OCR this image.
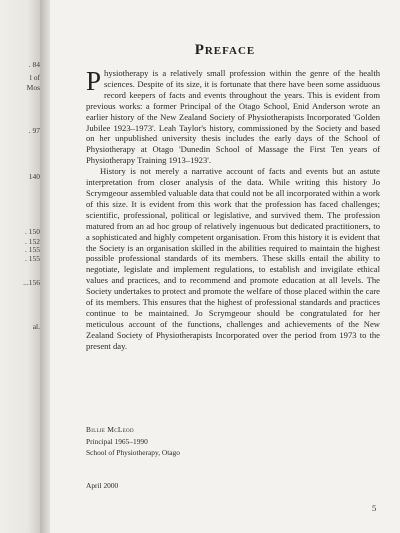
. 84
l of
Mos
. 97
140
. 150
. 152
. 155
. 155
...156
al.
Preface

Physiotherapy is a relatively small profession within the genre of the health sciences. Despite of its size, it is fortunate that there have been some assiduous record keepers of facts and events throughout the years. This is evident from previous works: a former Principal of the Otago School, Enid Anderson wrote an earlier history of the New Zealand Society of Physiotherapists Incorporated 'Golden Jubilee 1923–1973'. Leah Taylor's history, commissioned by the Society and based on her unpublished university thesis includes the early days of the School of Physiotherapy at Otago 'Dunedin School of Massage the First Ten years of Physiotherapy Training 1913–1923'.

History is not merely a narrative account of facts and events but an astute interpretation from closer analysis of the data. While writing this history Jo Scrymgeour assembled valuable data that could not be all incorporated within a work of this size. It is evident from this work that the profession has faced challenges; scientific, professional, political or legislative, and survived them. The profession matured from an ad hoc group of relatively ingenuous but dedicated practitioners, to a sophisticated and highly competent organisation. From this history it is evident that the Society is an organisation skilled in the abilities required to maintain the highest possible professional standards of its members. These skills entail the ability to negotiate, legislate and implement regulations, to establish and invigilate ethical values and practices, and to recommend and promote education at all levels. The Society undertakes to protect and promote the welfare of those placed within the care of its members. This ensures that the highest of professional standards and practices continue to be maintained. Jo Scrymgeour should be congratulated for her meticulous account of the functions, challenges and achievements of the New Zealand Society of Physiotherapists Incorporated over the period from 1973 to the present day.

Billie McLeod
Principal 1965–1990
School of Physiotherapy, Otago
April 2000
5
